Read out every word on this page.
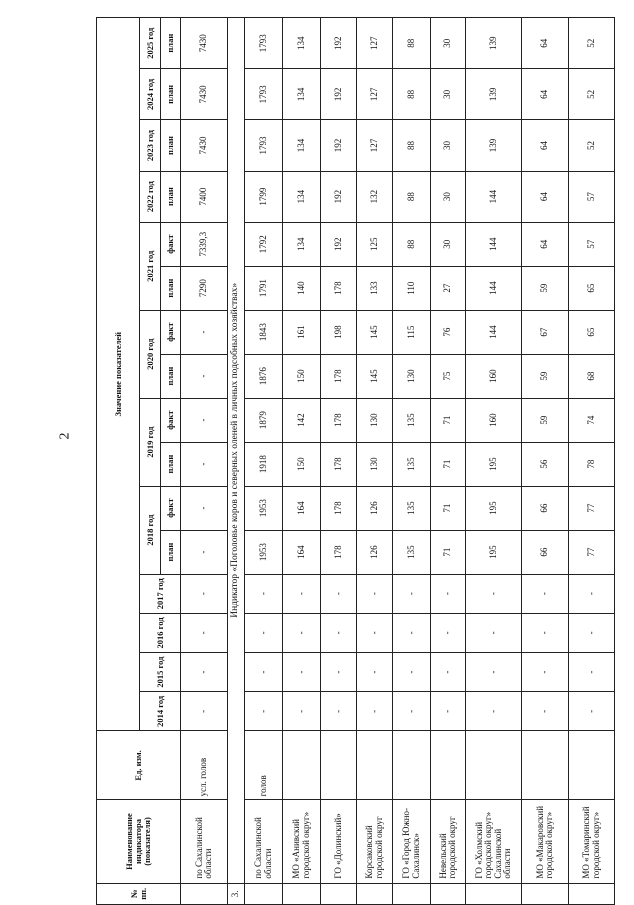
2
№ пп.	Наименование индикатора (показателя)	Ед. изм.	Значение показателей															
			2014 год	2015 год	2016 год	2017 год	2018 год		2019 год		2020 год		2021 год		2022 год	2023 год	2024 год	2025 год
							план	факт	план	факт	план	факт	план	факт	план	план	план	план
	по Сахалинской области	усл. голов	-	-	-	-	-	-	-	-	-	-	7290	7339,3	7400	7430	7430	7430
3.	Индикатор «Поголовье коров и северных оленей в личных подсобных хозяйствах»																	
	по Сахалинской области	голов	-	-	-	-	1953	1953	1918	1879	1876	1843	1791	1792	1799	1793	1793	1793
	МО «Анивский городской округ»		-	-	-	-	164	164	150	142	150	161	140	134	134	134	134	134
	ГО «Долинский»		-	-	-	-	178	178	178	178	178	198	178	192	192	192	192	192
	Корсаковский городской округ		-	-	-	-	126	126	130	130	145	145	133	125	132	127	127	127
	ГО «Город Южно-Сахалинск»		-	-	-	-	135	135	135	135	130	115	110	88	88	88	88	88
	Невельский городской округ		-	-	-	-	71	71	71	71	75	76	27	30	30	30	30	30
	ГО «Холмский городской округ» Сахалинской области		-	-	-	-	195	195	195	160	160	144	144	144	144	139	139	139
	МО «Макаровский городской округ»		-	-	-	-	66	66	56	59	59	67	59	64	64	64	64	64
	МО «Томаринский городской округ»		-	-	-	-	77	77	78	74	68	65	65	57	57	52	52	52
